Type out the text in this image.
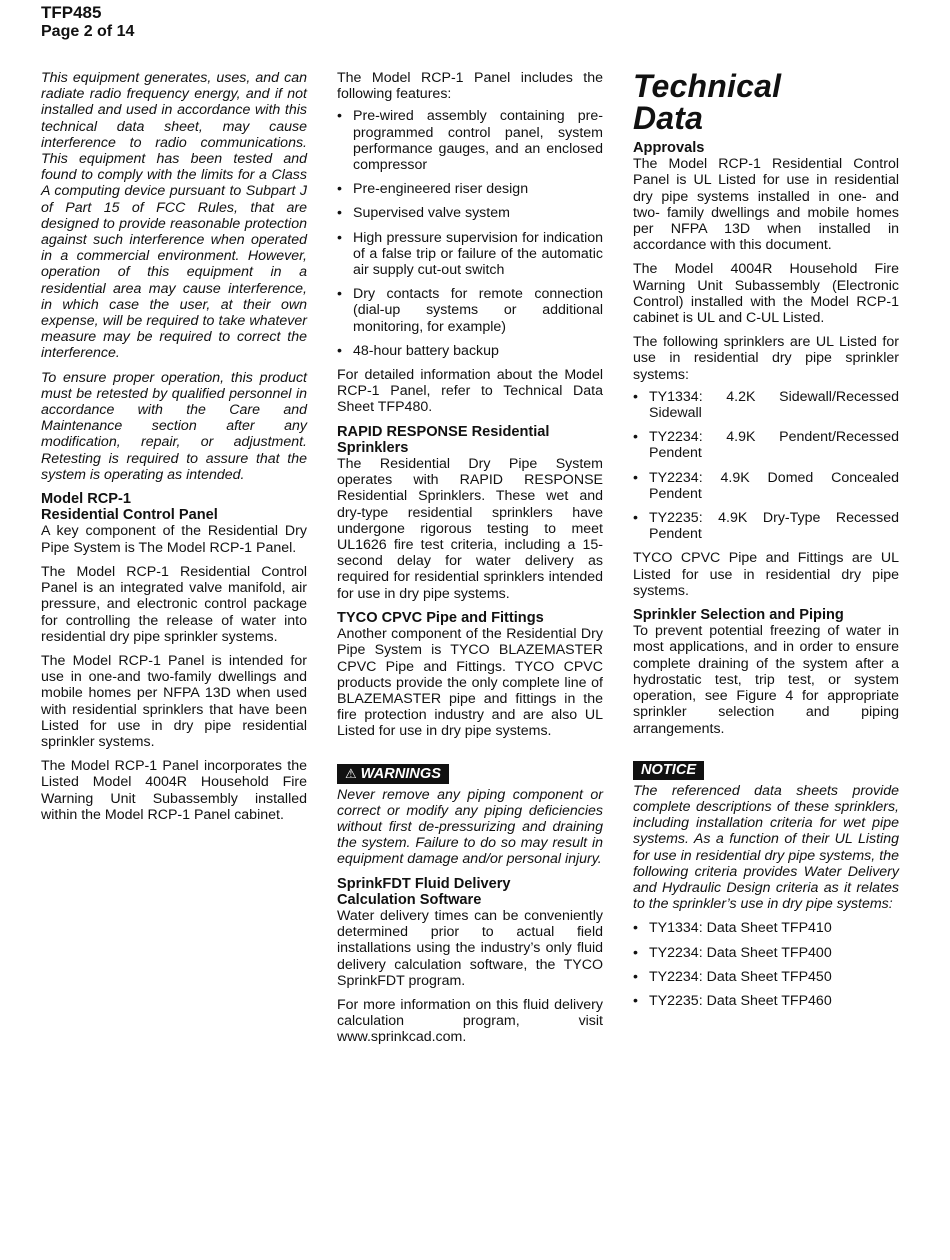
TFP485
Page 2 of 14

This equipment generates, uses, and can radiate radio frequency energy, and if not installed and used in accordance with this technical data sheet, may cause interference to radio communications. This equipment has been tested and found to comply with the limits for a Class A computing device pursuant to Subpart J of Part 15 of FCC Rules, that are designed to provide reasonable protection against such interference when operated in a commercial environment. However, operation of this equipment in a residential area may cause interference, in which case the user, at their own expense, will be required to take whatever measure may be required to correct the interference.

To ensure proper operation, this product must be retested by qualified personnel in accordance with the Care and Maintenance section after any modification, repair, or adjustment. Retesting is required to assure that the system is operating as intended.

Model RCP-1
Residential Control Panel

A key component of the Residential Dry Pipe System is The Model RCP-1 Panel.

The Model RCP-1 Residential Control Panel is an integrated valve manifold, air pressure, and electronic control package for controlling the release of water into residential dry pipe sprinkler systems.

The Model RCP-1 Panel is intended for use in one-and two-family dwellings and mobile homes per NFPA 13D when used with residential sprinklers that have been Listed for use in dry pipe residential sprinkler systems.

The Model RCP-1 Panel incorporates the Listed Model 4004R Household Fire Warning Unit Subassembly installed within the Model RCP-1 Panel cabinet.

The Model RCP-1 Panel includes the following features:

• Pre-wired assembly containing pre-programmed control panel, system performance gauges, and an enclosed compressor
• Pre-engineered riser design
• Supervised valve system
• High pressure supervision for indication of a false trip or failure of the automatic air supply cut-out switch
• Dry contacts for remote connection (dial-up systems or additional monitoring, for example)
• 48-hour battery backup

For detailed information about the Model RCP-1 Panel, refer to Technical Data Sheet TFP480.

RAPID RESPONSE Residential Sprinklers

The Residential Dry Pipe System operates with RAPID RESPONSE Residential Sprinklers. These wet and dry-type residential sprinklers have undergone rigorous testing to meet UL1626 fire test criteria, including a 15-second delay for water delivery as required for residential sprinklers intended for use in dry pipe systems.

TYCO CPVC Pipe and Fittings

Another component of the Residential Dry Pipe System is TYCO BLAZEMASTER CPVC Pipe and Fittings. TYCO CPVC products provide the only complete line of BLAZEMASTER pipe and fittings in the fire protection industry and are also UL Listed for use in dry pipe systems.

⚠ WARNINGS

Never remove any piping component or correct or modify any piping deficiencies without first de-pressurizing and draining the system. Failure to do so may result in equipment damage and/or personal injury.

SprinkFDT Fluid Delivery
Calculation Software

Water delivery times can be conveniently determined prior to actual field installations using the industry’s only fluid delivery calculation software, the TYCO SprinkFDT program.

For more information on this fluid delivery calculation program, visit www.sprinkcad.com.

Technical
Data
Approvals

The Model RCP-1 Residential Control Panel is UL Listed for use in residential dry pipe systems installed in one- and two- family dwellings and mobile homes per NFPA 13D when installed in accordance with this document.

The Model 4004R Household Fire Warning Unit Subassembly (Electronic Control) installed with the Model RCP-1 cabinet is UL and C-UL Listed.

The following sprinklers are UL Listed for use in residential dry pipe sprinkler systems:

• TY1334: 4.2K Sidewall/Recessed Sidewall
• TY2234: 4.9K Pendent/Recessed Pendent
• TY2234: 4.9K Domed Concealed Pendent
• TY2235: 4.9K Dry-Type Recessed Pendent

TYCO CPVC Pipe and Fittings are UL Listed for use in residential dry pipe systems.

Sprinkler Selection and Piping

To prevent potential freezing of water in most applications, and in order to ensure complete draining of the system after a hydrostatic test, trip test, or system operation, see Figure 4 for appropriate sprinkler selection and piping arrangements.

NOTICE

The referenced data sheets provide complete descriptions of these sprinklers, including installation criteria for wet pipe systems. As a function of their UL Listing for use in residential dry pipe systems, the following criteria provides Water Delivery and Hydraulic Design criteria as it relates to the sprinkler’s use in dry pipe systems:

• TY1334: Data Sheet TFP410
• TY2234: Data Sheet TFP400
• TY2234: Data Sheet TFP450
• TY2235: Data Sheet TFP460
